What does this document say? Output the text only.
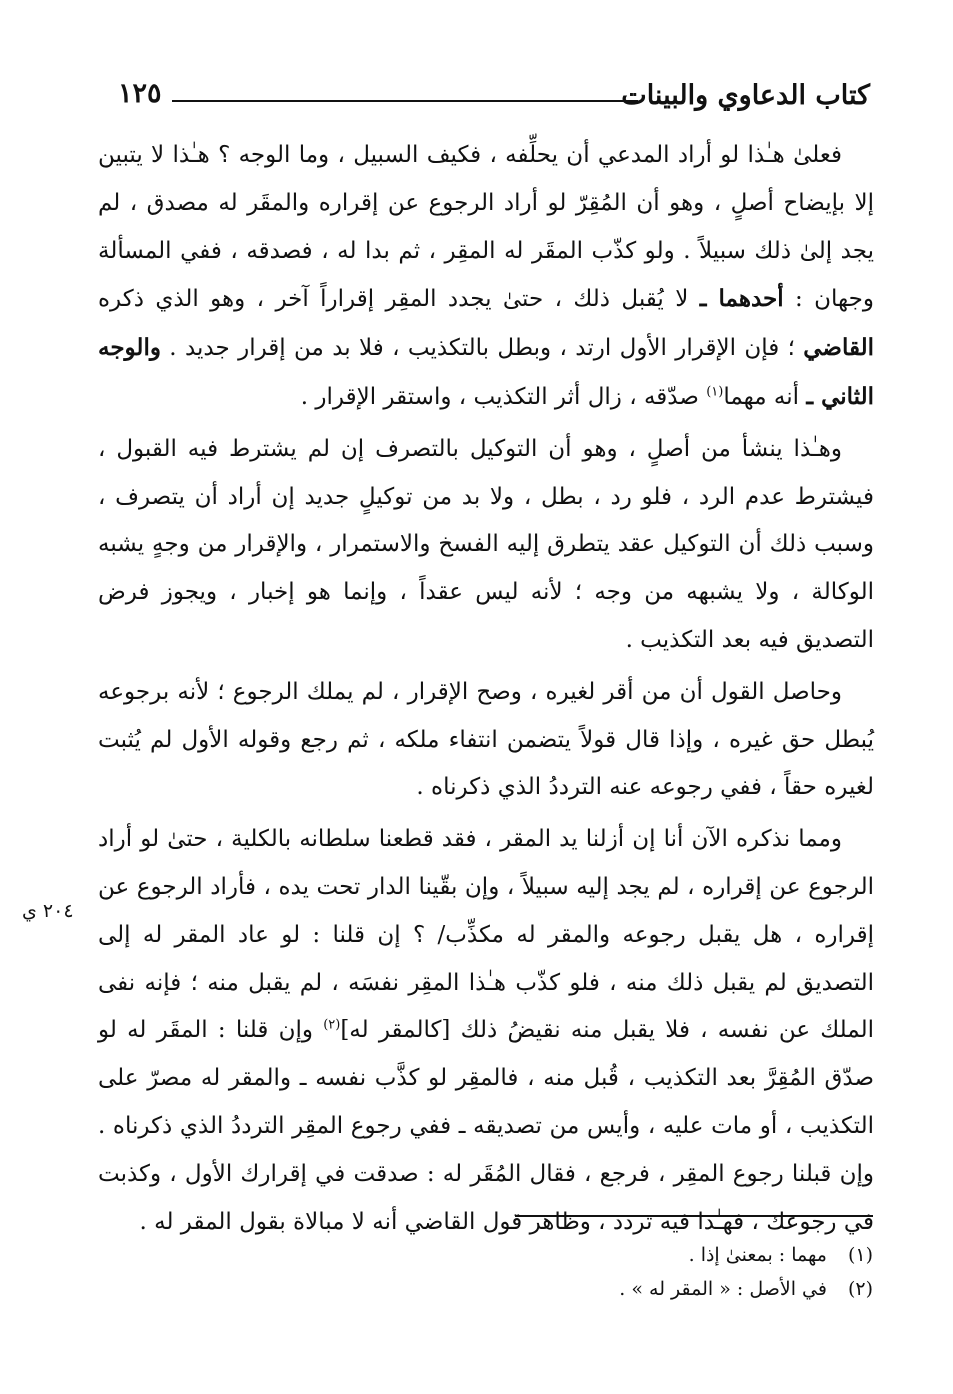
كتاب الدعاوي والبينات
١٢٥

فعلىٰ هـٰذا لو أراد المدعي أن يحلِّفه ، فكيف السبيل ، وما الوجه ؟ هـٰذا لا يتبين إلا بإيضاح أصلٍ ، وهو أن المُقِرّ لو أراد الرجوع عن إقراره والمقَر له مصدق ، لم يجد إلىٰ ذلك سبيلاً . ولو كذّب المقَر له المقِر ، ثم بدا له ، فصدقه ، ففي المسألة وجهان : أحدهما ـ لا يُقبل ذلك ، حتىٰ يجدد المقِر إقراراً آخر ، وهو الذي ذكره القاضي ؛ فإن الإقرار الأول ارتد ، وبطل بالتكذيب ، فلا بد من إقرار جديد . والوجه الثاني ـ أنه مهما$^{(١)}$ صدّقه ، زال أثر التكذيب ، واستقر الإقرار .

وهـٰذا ينشأ من أصلٍ ، وهو أن التوكيل بالتصرف إن لم يشترط فيه القبول ، فيشترط عدم الرد ، فلو رد ، بطل ، ولا بد من توكيلٍ جديد إن أراد أن يتصرف ، وسبب ذلك أن التوكيل عقد يتطرق إليه الفسخ والاستمرار ، والإقرار من وجهٍ يشبه الوكالة ، ولا يشبهه من وجه ؛ لأنه ليس عقداً ، وإنما هو إخبار ، ويجوز فرض التصديق فيه بعد التكذيب .

وحاصل القول أن من أقر لغيره ، وصح الإقرار ، لم يملك الرجوع ؛ لأنه برجوعه يُبطل حق غيره ، وإذا قال قولاً يتضمن انتفاء ملكه ، ثم رجع وقوله الأول لم يُثبت لغيره حقاً ، ففي رجوعه عنه الترددُ الذي ذكرناه .

ومما نذكره الآن أنا إن أزلنا يد المقر ، فقد قطعنا سلطانه بالكلية ، حتىٰ لو أراد الرجوع عن إقراره ، لم يجد إليه سبيلاً ، وإن بقّينا الدار تحت يده ، فأراد الرجوع عن إقراره ، هل يقبل رجوعه والمقر له مكذِّب/ ؟ إن قلنا : لو عاد المقر له إلى التصديق لم يقبل ذلك منه ، فلو كذّب هـٰذا المقِر نفسَه ، لم يقبل منه ؛ فإنه نفى الملك عن نفسه ، فلا يقبل منه نقيضُ ذلك [كالمقر له]$^{(٢)}$ وإن قلنا : المقَر له لو صدّق المُقِرَّ بعد التكذيب ، قُبل منه ، فالمقِر لو كذَّب نفسه ـ والمقر له مصرّ على التكذيب ، أو مات عليه ، وأيس من تصديقه ـ ففي رجوع المقِر الترددُ الذي ذكرناه . وإن قبلنا رجوع المقِر ، فرجع ، فقال المُقَر له : صدقت في إقرارك الأول ، وكذبت في رجوعك ، فهـٰذا فيه تردد ، وظاهر قول القاضي أنه لا مبالاة بقول المقر له .

٢٠٤ ي
(١) مهما : بمعنىٰ إذا .
(٢) في الأصل : « المقر له » .
